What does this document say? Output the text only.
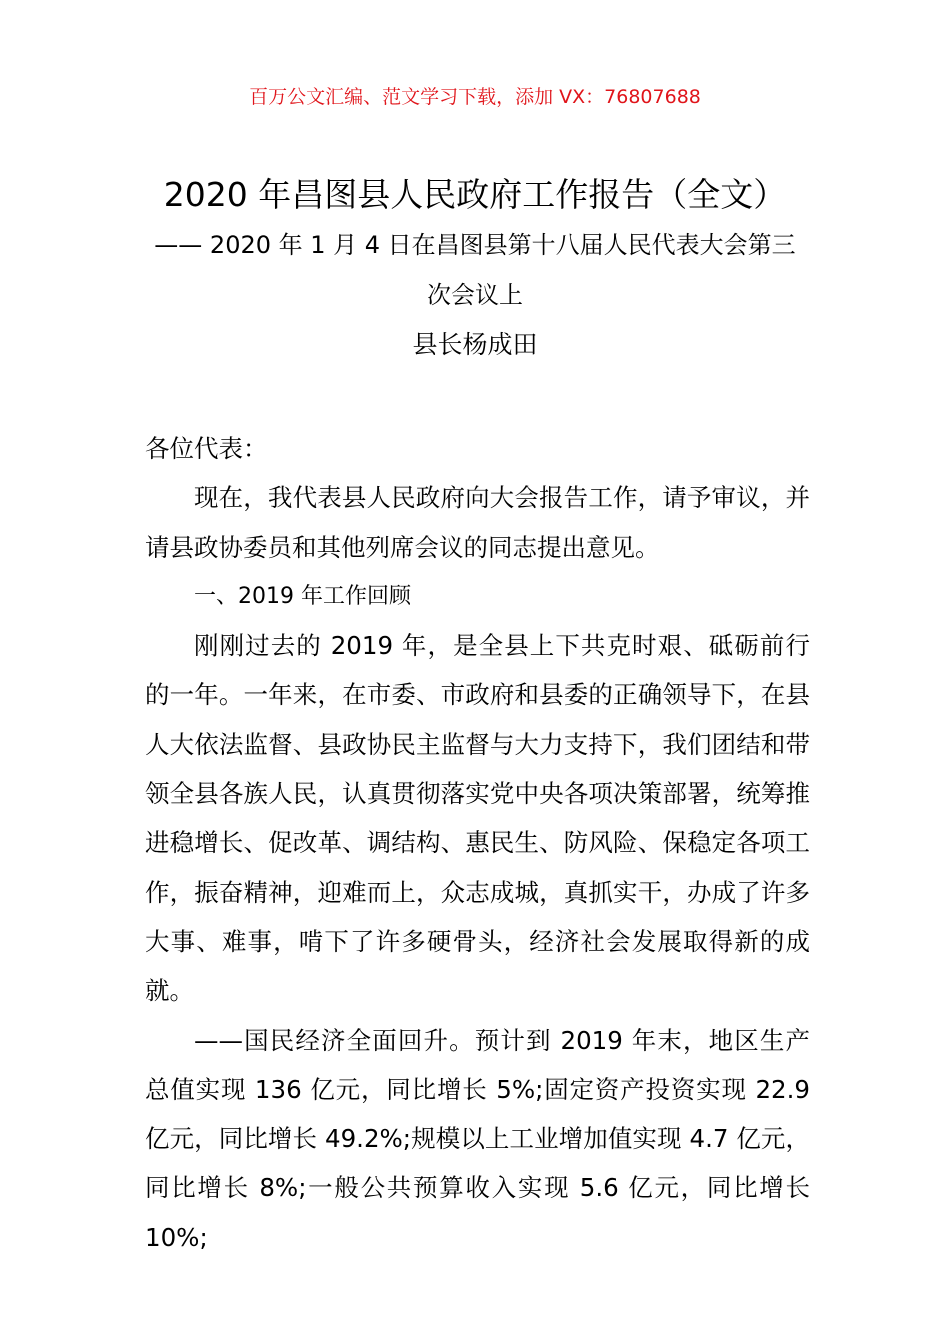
百万公文汇编、范文学习下载，添加 VX：76807688
2020 年昌图县人民政府工作报告（全文）
—— 2020 年 1 月 4 日在昌图县第十八届人民代表大会第三
次会议上
县长杨成田

各位代表：

现在，我代表县人民政府向大会报告工作，请予审议，并请县政协委员和其他列席会议的同志提出意见。

一、2019 年工作回顾

刚刚过去的 2019 年，是全县上下共克时艰、砥砺前行的一年。一年来，在市委、市政府和县委的正确领导下，在县人大依法监督、县政协民主监督与大力支持下，我们团结和带领全县各族人民，认真贯彻落实党中央各项决策部署，统筹推进稳增长、促改革、调结构、惠民生、防风险、保稳定各项工作，振奋精神，迎难而上，众志成城，真抓实干，办成了许多大事、难事，啃下了许多硬骨头，经济社会发展取得新的成就。

——国民经济全面回升。预计到 2019 年末，地区生产总值实现 136 亿元，同比增长 5%;固定资产投资实现 22.9 亿元，同比增长 49.2%;规模以上工业增加值实现 4.7 亿元，同比增长 8%;一般公共预算收入实现 5.6 亿元，同比增长 10%;
